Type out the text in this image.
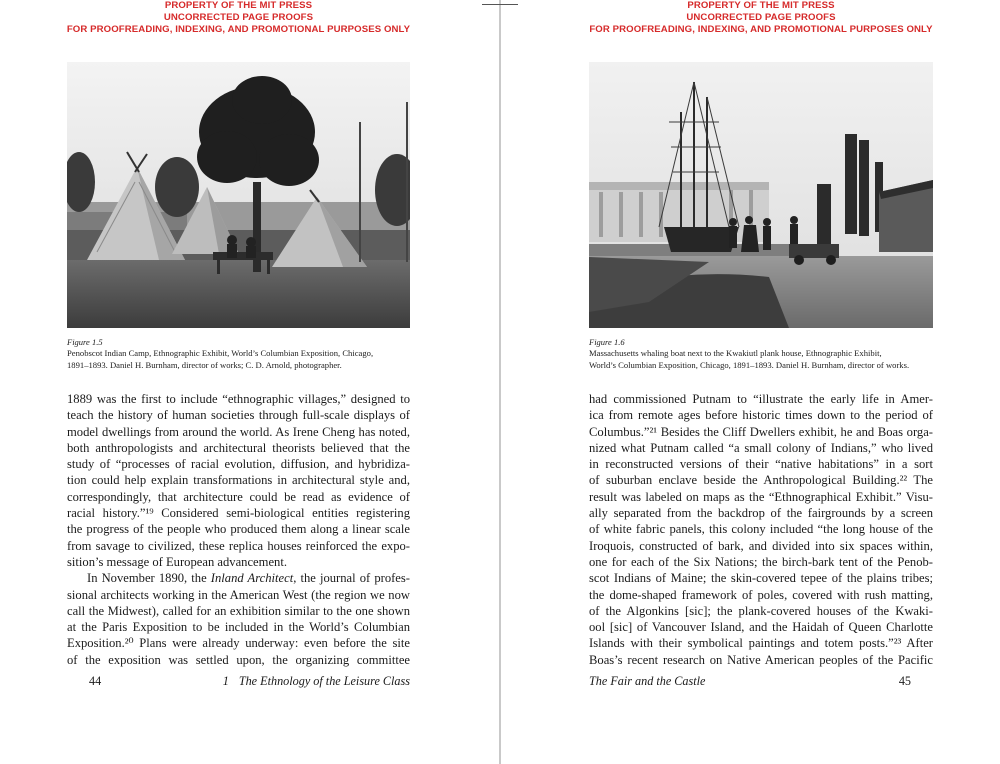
PROPERTY OF THE MIT PRESS
UNCORRECTED PAGE PROOFS
FOR PROOFREADING, INDEXING, AND PROMOTIONAL PURPOSES ONLY
Figure 1.5
Penobscot Indian Camp, Ethnographic Exhibit, World’s Columbian Exposition, Chicago,
1891–1893. Daniel H. Burnham, director of works; C. D. Arnold, photographer.
1889 was the first to include “ethnographic villages,” designed to
teach the history of human societies through full-scale displays of
model dwellings from around the world. As Irene Cheng has noted,
both anthropologists and architectural theorists believed that the
study of “processes of racial evolution, diffusion, and hybridiza-
tion could help explain transformations in architectural style and,
correspondingly, that architecture could be read as evidence of
racial history.”¹⁹ Considered semi-biological entities registering
the progress of the people who produced them along a linear scale
from savage to civilized, these replica houses reinforced the expo-
sition’s message of European advancement.
In November 1890, the Inland Architect, the journal of profes-
sional architects working in the American West (the region we now
call the Midwest), called for an exhibition similar to the one shown
at the Paris Exposition to be included in the World’s Columbian
Exposition.²⁰ Plans were already underway: even before the site
of the exposition was settled upon, the organizing committee
44	1 The Ethnology of the Leisure Class
PROPERTY OF THE MIT PRESS
UNCORRECTED PAGE PROOFS
FOR PROOFREADING, INDEXING, AND PROMOTIONAL PURPOSES ONLY
Figure 1.6
Massachusetts whaling boat next to the Kwakiutl plank house, Ethnographic Exhibit,
World’s Columbian Exposition, Chicago, 1891–1893. Daniel H. Burnham, director of works.
had commissioned Putnam to “illustrate the early life in Amer-
ica from remote ages before historic times down to the period of
Columbus.”²¹ Besides the Cliff Dwellers exhibit, he and Boas orga-
nized what Putnam called “a small colony of Indians,” who lived
in reconstructed versions of their “native habitations” in a sort
of suburban enclave beside the Anthropological Building.²² The
result was labeled on maps as the “Ethnographical Exhibit.” Visu-
ally separated from the backdrop of the fairgrounds by a screen
of white fabric panels, this colony included “the long house of the
Iroquois, constructed of bark, and divided into six spaces within,
one for each of the Six Nations; the birch-bark tent of the Penob-
scot Indians of Maine; the skin-covered tepee of the plains tribes;
the dome-shaped framework of poles, covered with rush matting,
of the Algonkins [sic]; the plank-covered houses of the Kwaki-
ool [sic] of Vancouver Island, and the Haidah of Queen Charlotte
Islands with their symbolical paintings and totem posts.”²³ After
Boas’s recent research on Native American peoples of the Pacific
The Fair and the Castle	45
